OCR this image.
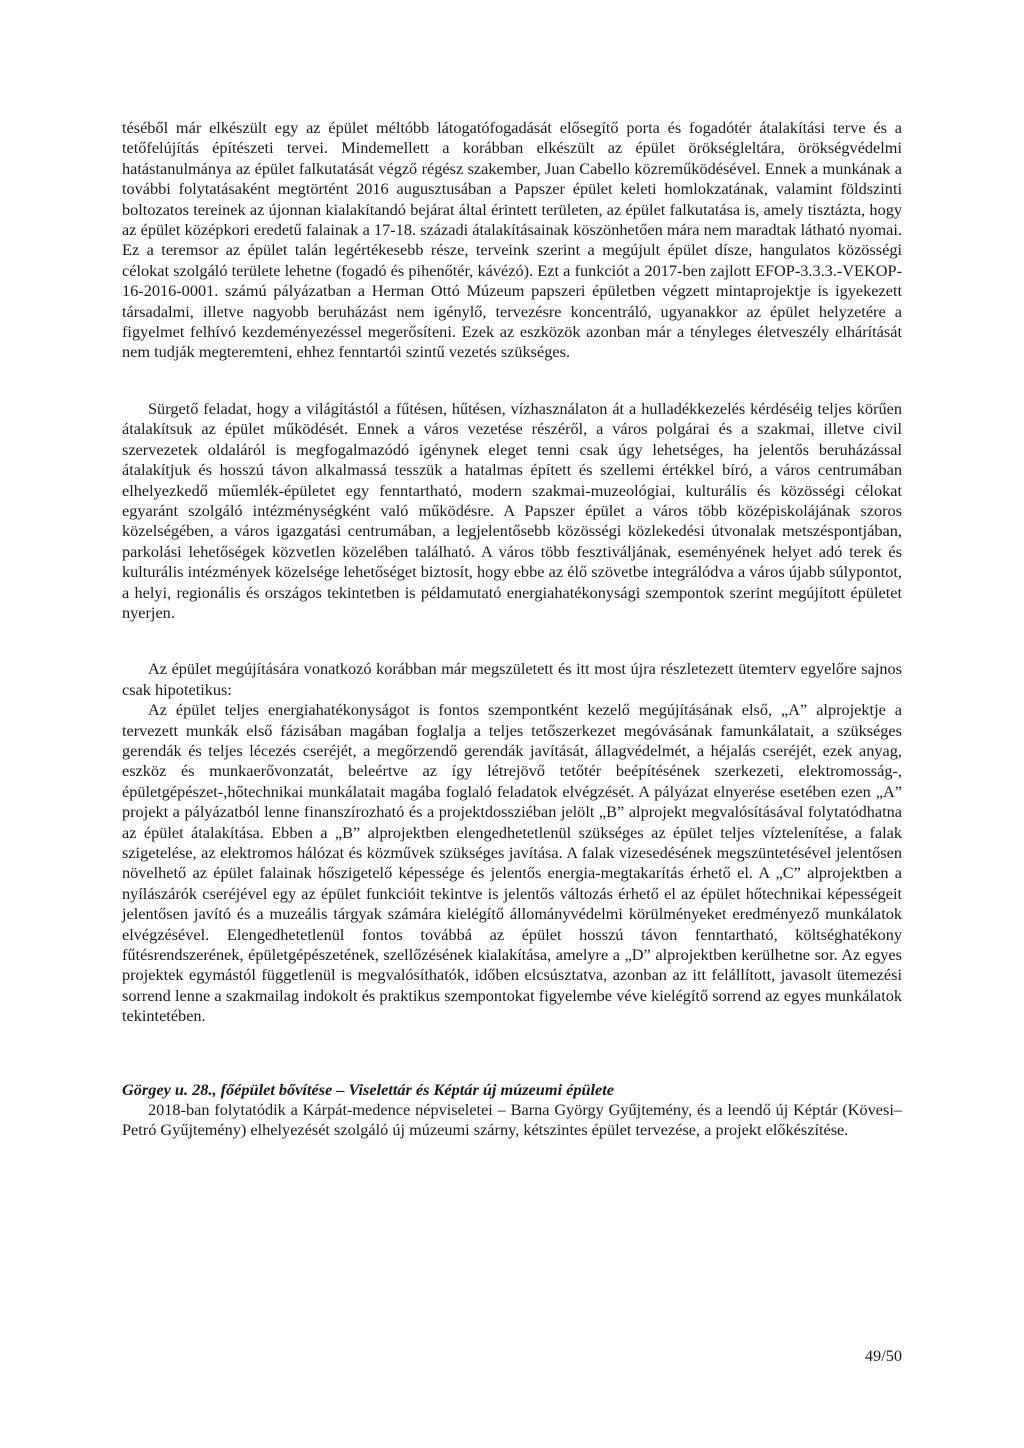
téséből már elkészült egy az épület méltóbb látogatófogadását elősegítő porta és fogadótér átalakítási terve és a tetőfelújítás építészeti tervei. Mindemellett a korábban elkészült az épület örökségleltára, örökségvédelmi hatástanulmánya az épület falkutatását végző régész szakember, Juan Cabello közreműködésével. Ennek a munkának a további folytatásaként megtörtént 2016 augusztusában a Papszer épület keleti homlokzatának, valamint földszinti boltozatos tereinek az újonnan kialakítandó bejárat által érintett területen, az épület falkutatása is, amely tisztázta, hogy az épület középkori eredetű falainak a 17-18. századi átalakításainak köszönhetően mára nem maradtak látható nyomai. Ez a teremsor az épület talán legértékesebb része, terveink szerint a megújult épület dísze, hangulatos közösségi célokat szolgáló területe lehetne (fogadó és pihenőtér, kávézó). Ezt a funkciót a 2017-ben zajlott EFOP-3.3.3.-VEKOP-16-2016-0001. számú pályázatban a Herman Ottó Múzeum papszeri épületben végzett mintaprojektje is igyekezett társadalmi, illetve nagyobb beruházást nem igénylő, tervezésre koncentráló, ugyanakkor az épület helyzetére a figyelmet felhívó kezdeményezéssel megerősíteni. Ezek az eszközök azonban már a tényleges életveszély elhárítását nem tudják megteremteni, ehhez fenntartói szintű vezetés szükséges.

Sürgető feladat, hogy a világítástól a fűtésen, hűtésen, vízhasználaton át a hulladékkezelés kérdéséig teljes körűen átalakítsuk az épület működését. Ennek a város vezetése részéről, a város polgárai és a szakmai, illetve civil szervezetek oldaláról is megfogalmazódó igénynek eleget tenni csak úgy lehetséges, ha jelentős beruházással átalakítjuk és hosszú távon alkalmassá tesszük a hatalmas épített és szellemi értékkel bíró, a város centrumában elhelyezkedő műemlék-épületet egy fenntartható, modern szakmai-muzeológiai, kulturális és közösségi célokat egyaránt szolgáló intézménységként való működésre. A Papszer épület a város több középiskolájának szoros közelségében, a város igazgatási centrumában, a legjelentősebb közösségi közlekedési útvonalak metszéspontjában, parkolási lehetőségek közvetlen közelében található. A város több fesztiváljának, eseményének helyet adó terek és kulturális intézmények közelsége lehetőséget biztosít, hogy ebbe az élő szövetbe integrálódva a város újabb súlypontot, a helyi, regionális és országos tekintetben is példamutató energiahatékonysági szempontok szerint megújított épületet nyerjen.

Az épület megújítására vonatkozó korábban már megszületett és itt most újra részletezett ütemterv egyelőre sajnos csak hipotetikus:

Az épület teljes energiahatékonyságot is fontos szempontként kezelő megújításának első, „A” alprojektje a tervezett munkák első fázisában magában foglalja a teljes tetőszerkezet megóvásának famunkálatait, a szükséges gerendák és teljes lécezés cseréjét, a megőrzendő gerendák javítását, állagvédelmét, a héjalás cseréjét, ezek anyag, eszköz és munkaerővonzatát, beleértve az így létrejövő tetőtér beépítésének szerkezeti, elektromosság-, épületgépészet-,hőtechnikai munkálatait magába foglaló feladatok elvégzését. A pályázat elnyerése esetében ezen „A” projekt a pályázatból lenne finanszírozható és a projektdossziéban jelölt „B” alprojekt megvalósításával folytatódhatna az épület átalakítása. Ebben a „B” alprojektben elengedhetetlenül szükséges az épület teljes víztelenítése, a falak szigetelése, az elektromos hálózat és közművek szükséges javítása. A falak vizesedésének megszüntetésével jelentősen növelhető az épület falainak hőszigetelő képessége és jelentős energia-megtakarítás érhető el. A „C” alprojektben a nyílászárók cseréjével egy az épület funkcióit tekintve is jelentős változás érhető el az épület hőtechnikai képességeit jelentősen javító és a muzeális tárgyak számára kielégítő állományvédelmi körülményeket eredményező munkálatok elvégzésével. Elengedhetetlenül fontos továbbá az épület hosszú távon fenntartható, költséghatékony fűtésrendszerének, épületgépészetének, szellőzésének kialakítása, amelyre a „D” alprojektben kerülhetne sor. Az egyes projektek egymástól függetlenül is megvalósíthatók, időben elcsúsztatva, azonban az itt felállított, javasolt ütemezési sorrend lenne a szakmailag indokolt és praktikus szempontokat figyelembe véve kielégítő sorrend az egyes munkálatok tekintetében.

Görgey u. 28., főépület bővítése – Viselettár és Képtár új múzeumi épülete

2018-ban folytatódik a Kárpát-medence népviseletei – Barna György Gyűjtemény, és a leendő új Képtár (Kövesi–Petró Gyűjtemény) elhelyezését szolgáló új múzeumi szárny, kétszintes épület tervezése, a projekt előkészítése.

49/50
